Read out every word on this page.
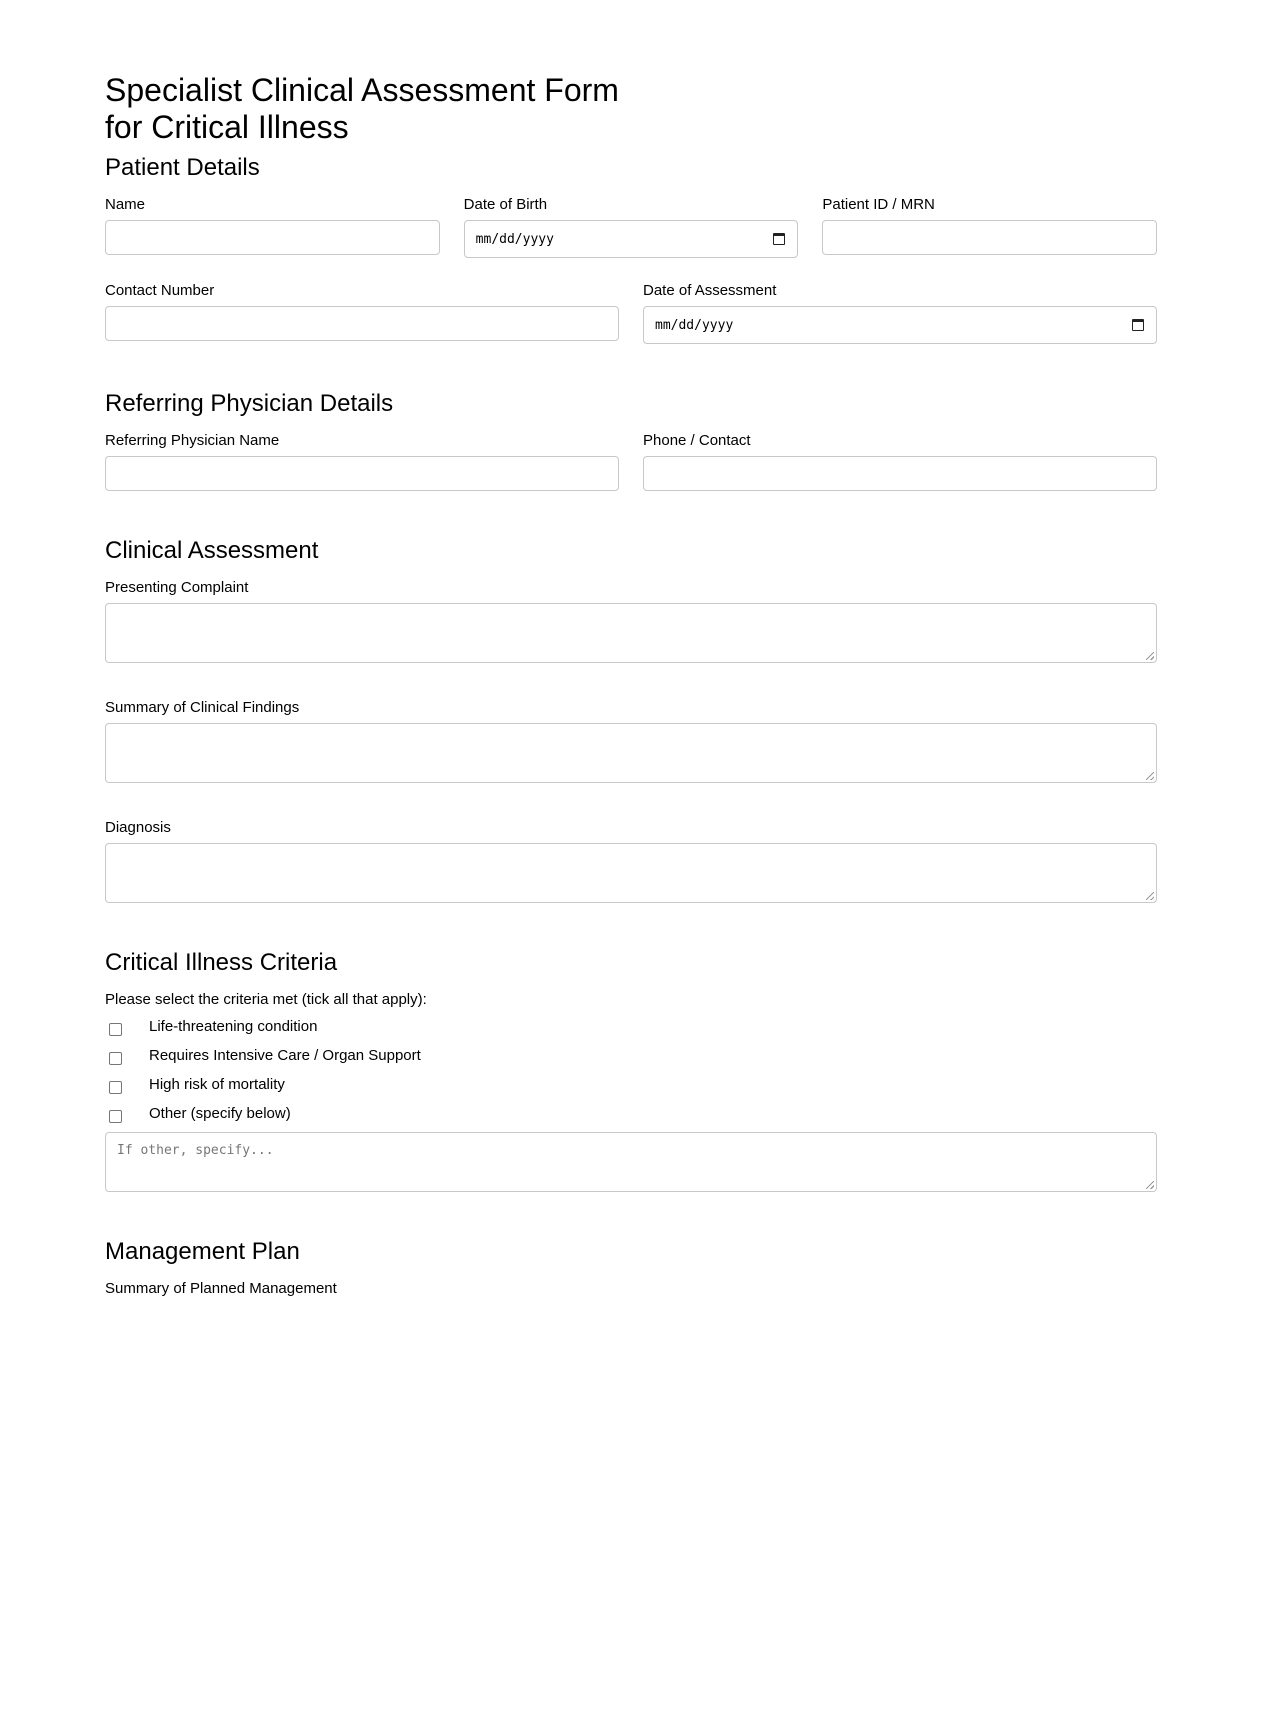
Specialist Clinical Assessment Form for Critical Illness
Patient Details
Name	Date of Birth
mm/dd/yyyy
Patient ID / MRN
Contact Number	Date of Assessment
mm/dd/yyyy
Referring Physician Details
Referring Physician Name	Phone / Contact
Clinical Assessment
Presenting Complaint
Summary of Clinical Findings
Diagnosis
Critical Illness Criteria
Please select the criteria met (tick all that apply):
Life-threatening condition
Requires Intensive Care / Organ Support
High risk of mortality
Other (specify below)
If other, specify...
Management Plan
Summary of Planned Management
